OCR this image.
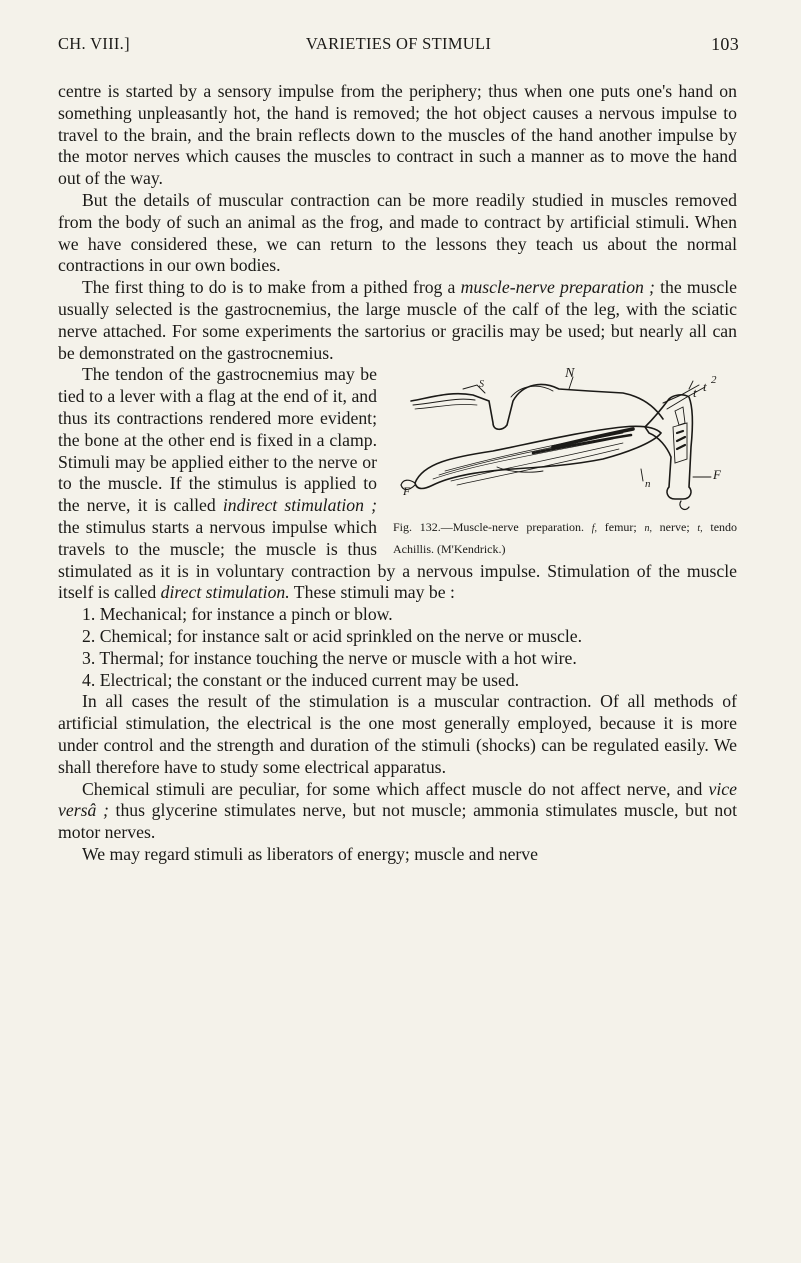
CH. VIII.]	VARIETIES OF STIMULI	103

centre is started by a sensory impulse from the periphery; thus when one puts one's hand on something unpleasantly hot, the hand is removed; the hot object causes a nervous impulse to travel to the brain, and the brain reflects down to the muscles of the hand another impulse by the motor nerves which causes the muscles to contract in such a manner as to move the hand out of the way.

But the details of muscular contraction can be more readily studied in muscles removed from the body of such an animal as the frog, and made to contract by artificial stimuli. When we have considered these, we can return to the lessons they teach us about the normal contractions in our own bodies.

The first thing to do is to make from a pithed frog a muscle-nerve preparation ; the muscle usually selected is the gastrocnemius, the large muscle of the calf of the leg, with the sciatic nerve attached. For some experiments the sartorius or gracilis may be used; but nearly all can be demonstrated on the gastrocnemius.

N
t t 2
S
F	n
F
Fig. 132.—Muscle-nerve preparation. f, femur; n, nerve; t, tendo Achillis. (M'Kendrick.)
The tendon of the gastrocnemius may be tied to a lever with a flag at the end of it, and thus its contractions rendered more evident; the bone at the other end is fixed in a clamp. Stimuli may be applied either to the nerve or to the muscle. If the stimulus is applied to the nerve, it is called indirect stimulation ; the stimulus starts a nervous impulse which travels to the muscle; the muscle is thus stimulated as it is in voluntary contraction by a nervous impulse. Stimulation of the muscle itself is called direct stimulation. These stimuli may be :

1. Mechanical; for instance a pinch or blow.

2. Chemical; for instance salt or acid sprinkled on the nerve or muscle.

3. Thermal; for instance touching the nerve or muscle with a hot wire.

4. Electrical; the constant or the induced current may be used.

In all cases the result of the stimulation is a muscular contraction. Of all methods of artificial stimulation, the electrical is the one most generally employed, because it is more under control and the strength and duration of the stimuli (shocks) can be regulated easily. We shall therefore have to study some electrical apparatus.

Chemical stimuli are peculiar, for some which affect muscle do not affect nerve, and vice versâ ; thus glycerine stimulates nerve, but not muscle; ammonia stimulates muscle, but not motor nerves.

We may regard stimuli as liberators of energy; muscle and nerve
